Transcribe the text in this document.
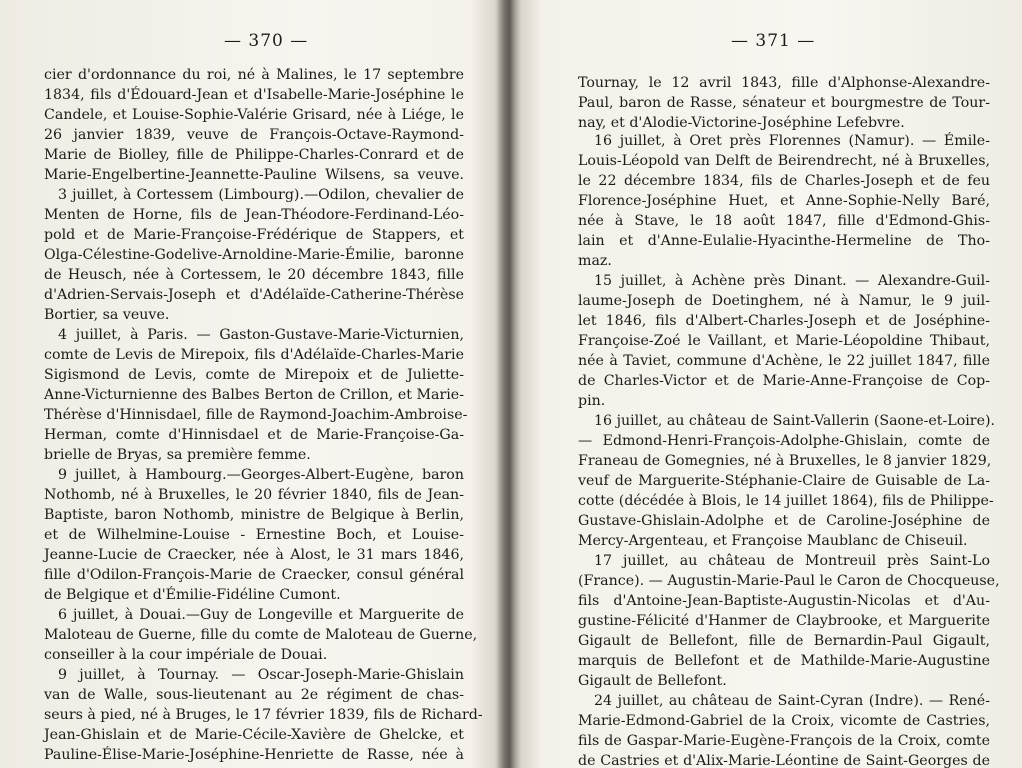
— 370 —
cier d'ordonnance du roi, né à Malines, le 17 septembre
1834, fils d'Édouard-Jean et d'Isabelle-Marie-Joséphine le
Candele, et Louise-Sophie-Valérie Grisard, née à Liége, le
26 janvier 1839, veuve de François-Octave-Raymond-
Marie de Biolley, fille de Philippe-Charles-Conrard et de
Marie-Engelbertine-Jeannette-Pauline Wilsens, sa veuve.
3 juillet, à Cortessem (Limbourg).—Odilon, chevalier de
Menten de Horne, fils de Jean-Théodore-Ferdinand-Léo-
pold et de Marie-Françoise-Frédérique de Stappers, et
Olga-Célestine-Godelive-Arnoldine-Marie-Émilie, baronne
de Heusch, née à Cortessem, le 20 décembre 1843, fille
d'Adrien-Servais-Joseph et d'Adélaïde-Catherine-Thérèse
Bortier, sa veuve.
4 juillet, à Paris. — Gaston-Gustave-Marie-Victurnien,
comte de Levis de Mirepoix, fils d'Adélaïde-Charles-Marie
Sigismond de Levis, comte de Mirepoix et de Juliette-
Anne-Victurnienne des Balbes Berton de Crillon, et Marie-
Thérèse d'Hinnisdael, fille de Raymond-Joachim-Ambroise-
Herman, comte d'Hinnisdael et de Marie-Françoise-Ga-
brielle de Bryas, sa première femme.
9 juillet, à Hambourg.—Georges-Albert-Eugène, baron
Nothomb, né à Bruxelles, le 20 février 1840, fils de Jean-
Baptiste, baron Nothomb, ministre de Belgique à Berlin,
et de Wilhelmine-Louise - Ernestine Boch, et Louise-
Jeanne-Lucie de Craecker, née à Alost, le 31 mars 1846,
fille d'Odilon-François-Marie de Craecker, consul général
de Belgique et d'Émilie-Fidéline Cumont.
6 juillet, à Douai.—Guy de Longeville et Marguerite de
Maloteau de Guerne, fille du comte de Maloteau de Guerne,
conseiller à la cour impériale de Douai.
9 juillet, à Tournay. — Oscar-Joseph-Marie-Ghislain
van de Walle, sous-lieutenant au 2e régiment de chas-
seurs à pied, né à Bruges, le 17 février 1839, fils de Richard-
Jean-Ghislain et de Marie-Cécile-Xavière de Ghelcke, et
Pauline-Élise-Marie-Joséphine-Henriette de Rasse, née à
— 371 —
Tournay, le 12 avril 1843, fille d'Alphonse-Alexandre-
Paul, baron de Rasse, sénateur et bourgmestre de Tour-
nay, et d'Alodie-Victorine-Joséphine Lefebvre.
16 juillet, à Oret près Florennes (Namur). — Émile-
Louis-Léopold van Delft de Beirendrecht, né à Bruxelles,
le 22 décembre 1834, fils de Charles-Joseph et de feu
Florence-Joséphine Huet, et Anne-Sophie-Nelly Baré,
née à Stave, le 18 août 1847, fille d'Edmond-Ghis-
lain et d'Anne-Eulalie-Hyacinthe-Hermeline de Tho-
maz.
15 juillet, à Achène près Dinant. — Alexandre-Guil-
laume-Joseph de Doetinghem, né à Namur, le 9 juil-
let 1846, fils d'Albert-Charles-Joseph et de Joséphine-
Françoise-Zoé le Vaillant, et Marie-Léopoldine Thibaut,
née à Taviet, commune d'Achène, le 22 juillet 1847, fille
de Charles-Victor et de Marie-Anne-Françoise de Cop-
pin.
16 juillet, au château de Saint-Vallerin (Saone-et-Loire).
— Edmond-Henri-François-Adolphe-Ghislain, comte de
Franeau de Gomegnies, né à Bruxelles, le 8 janvier 1829,
veuf de Marguerite-Stéphanie-Claire de Guisable de La-
cotte (décédée à Blois, le 14 juillet 1864), fils de Philippe-
Gustave-Ghislain-Adolphe et de Caroline-Joséphine de
Mercy-Argenteau, et Françoise Maublanc de Chiseuil.
17 juillet, au château de Montreuil près Saint-Lo
(France). — Augustin-Marie-Paul le Caron de Chocqueuse,
fils d'Antoine-Jean-Baptiste-Augustin-Nicolas et d'Au-
gustine-Félicité d'Hanmer de Claybrooke, et Marguerite
Gigault de Bellefont, fille de Bernardin-Paul Gigault,
marquis de Bellefont et de Mathilde-Marie-Augustine
Gigault de Bellefont.
24 juillet, au château de Saint-Cyran (Indre). — René-
Marie-Edmond-Gabriel de la Croix, vicomte de Castries,
fils de Gaspar-Marie-Eugène-François de la Croix, comte
de Castries et d'Alix-Marie-Léontine de Saint-Georges de
